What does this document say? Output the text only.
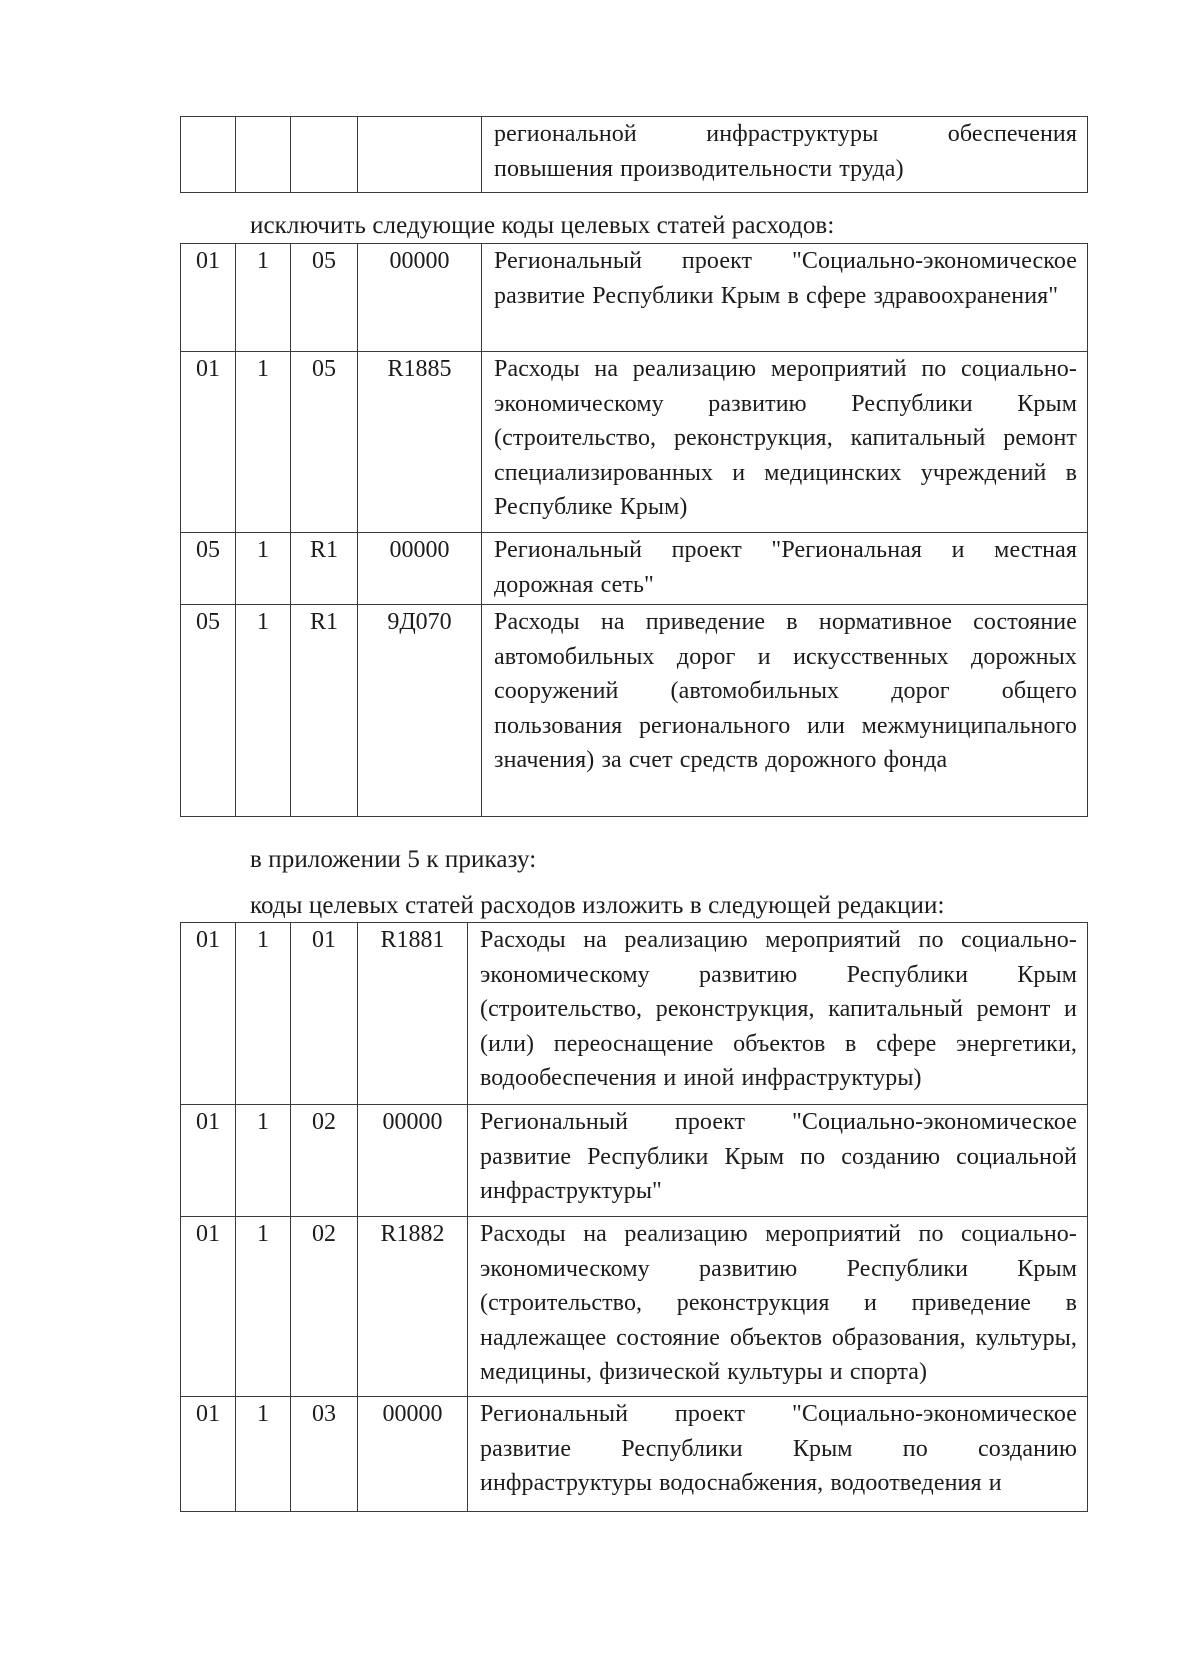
				региональной инфраструктуры обеспечения повышения производительности труда)
исключить следующие коды целевых статей расходов:
01	1	05	00000	Региональный проект "Социально-экономическое развитие Республики Крым в сфере здравоохранения"
01	1	05	R1885	Расходы на реализацию мероприятий по социально-экономическому развитию Республики Крым (строительство, реконструкция, капитальный ремонт специализированных и медицинских учреждений в Республике Крым)
05	1	R1	00000	Региональный проект "Региональная и местная дорожная сеть"
05	1	R1	9Д070	Расходы на приведение в нормативное состояние автомобильных дорог и искусственных дорожных сооружений (автомобильных дорог общего пользования регионального или межмуниципального значения) за счет средств дорожного фонда
в приложении 5 к приказу:
коды целевых статей расходов изложить в следующей редакции:
01	1	01	R1881	Расходы на реализацию мероприятий по социально-экономическому развитию Республики Крым (строительство, реконструкция, капитальный ремонт и (или) переоснащение объектов в сфере энергетики, водообеспечения и иной инфраструктуры)
01	1	02	00000	Региональный проект "Социально-экономическое развитие Республики Крым по созданию социальной инфраструктуры"
01	1	02	R1882	Расходы на реализацию мероприятий по социально-экономическому развитию Республики Крым (строительство, реконструкция и приведение в надлежащее состояние объектов образования, культуры, медицины, физической культуры и спорта)
01	1	03	00000	Региональный проект "Социально-экономическое развитие Республики Крым по созданию инфраструктуры водоснабжения, водоотведения и
